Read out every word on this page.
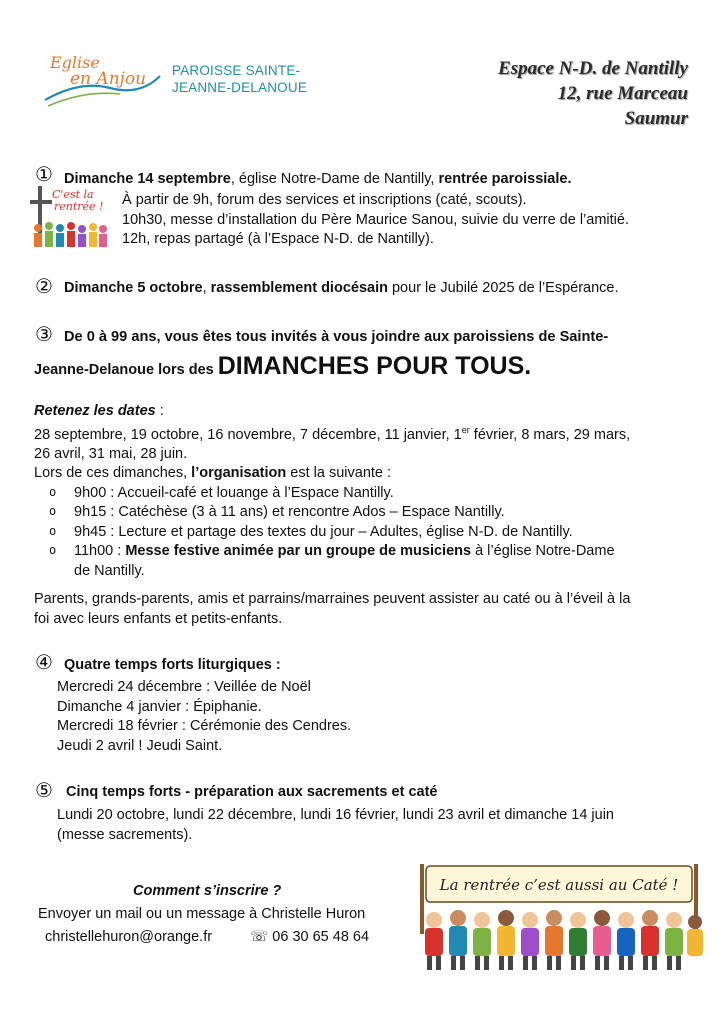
Eglise
en Anjou PAROISSE SAINTE-
JEANNE-DELANOUE
Espace N-D. de Nantilly
12, rue Marceau
Saumur
C'est la
rentrée !
① Dimanche 14 septembre, église Notre-Dame de Nantilly, rentrée paroissiale.
À partir de 9h, forum des services et inscriptions (caté, scouts).
10h30, messe d’installation du Père Maurice Sanou, suivie du verre de l’amitié.
12h, repas partagé (à l’Espace N-D. de Nantilly).
② Dimanche 5 octobre, rassemblement diocésain pour le Jubilé 2025 de l’Espérance.
③ De 0 à 99 ans, vous êtes tous invités à vous joindre aux paroissiens de Sainte-
Jeanne-Delanoue lors des DIMANCHES POUR TOUS.
Retenez les dates :
28 septembre, 19 octobre, 16 novembre, 7 décembre, 11 janvier, 1er février, 8 mars, 29 mars,
26 avril, 31 mai, 28 juin.
Lors de ces dimanches, l’organisation est la suivante :
o 9h00 : Accueil-café et louange à l’Espace Nantilly.
o 9h15 : Catéchèse (3 à 11 ans) et rencontre Ados – Espace Nantilly.
o 9h45 : Lecture et partage des textes du jour – Adultes, église N-D. de Nantilly.
o 11h00 : Messe festive animée par un groupe de musiciens à l’église Notre-Dame
de Nantilly.
Parents, grands-parents, amis et parrains/marraines peuvent assister au caté ou à l’éveil à la
foi avec leurs enfants et petits-enfants.
④ Quatre temps forts liturgiques :
Mercredi 24 décembre : Veillée de Noël
Dimanche 4 janvier : Épiphanie.
Mercredi 18 février : Cérémonie des Cendres.
Jeudi 2 avril ! Jeudi Saint.
⑤ Cinq temps forts - préparation aux sacrements et caté
Lundi 20 octobre, lundi 22 décembre, lundi 16 février, lundi 23 avril et dimanche 14 juin
(messe sacrements).
Comment s’inscrire ?
Envoyer un mail ou un message à Christelle Huron
christellehuron@orange.fr	☏ 06 30 65 48 64
La rentrée c’est aussi au Caté !
